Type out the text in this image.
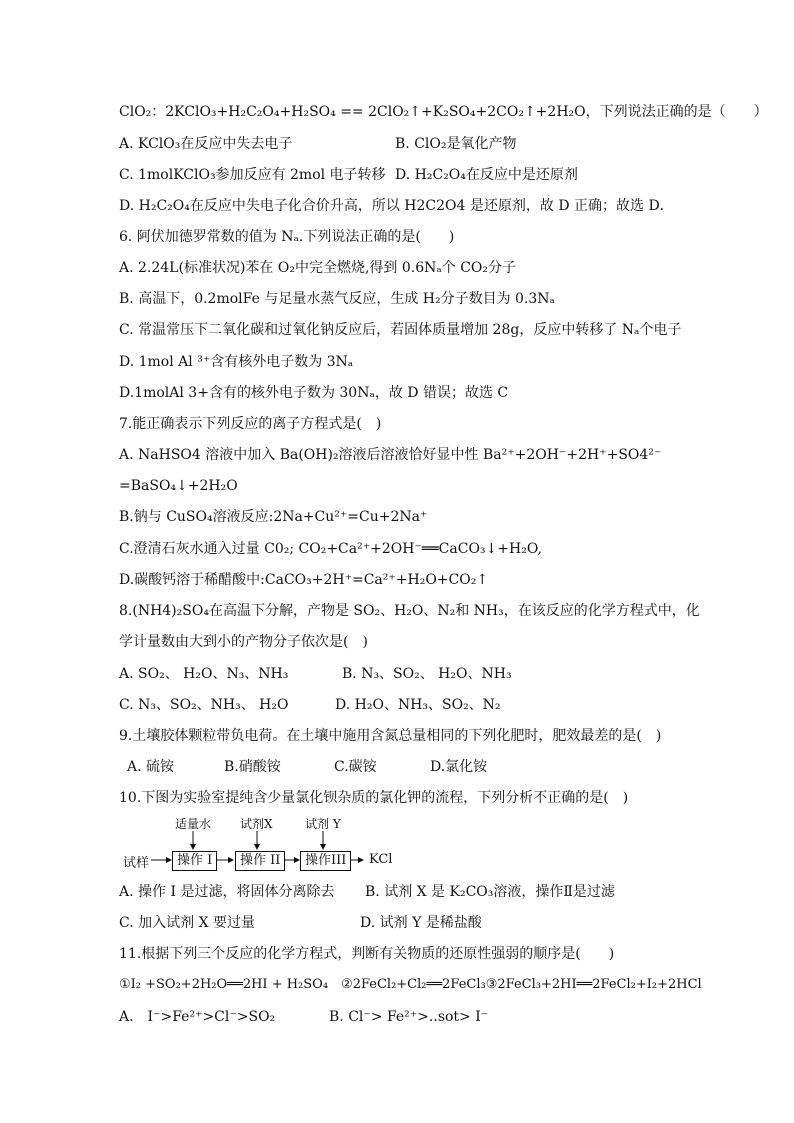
ClO₂：2KClO₃+H₂C₂O₄+H₂SO₄ == 2ClO₂↑+K₂SO₄+2CO₂↑+2H₂O，下列说法正确的是（　　）
A. KClO₃在反应中失去电子	B. ClO₂是氧化产物
C. 1molKClO₃参加反应有 2mol 电子转移 D. H₂C₂O₄在反应中是还原剂
D. H₂C₂O₄在反应中失电子化合价升高，所以 H2C2O4 是还原剂，故 D 正确；故选 D．
6. 阿伏加德罗常数的值为 Nₐ.下列说法正确的是(　　)
A. 2.24L(标准状况)苯在 O₂中完全燃烧,得到 0.6Nₐ个 CO₂分子
B. 高温下，0.2molFe 与足量水蒸气反应，生成 H₂分子数目为 0.3Nₐ
C. 常温常压下二氧化碳和过氧化钠反应后，若固体质量增加 28g，反应中转移了 Nₐ个电子
D. 1mol Al ³⁺含有核外电子数为 3Nₐ
D.1molAl 3+含有的核外电子数为 30Nₐ，故 D 错误；故选 C
7.能正确表示下列反应的离子方程式是(　)
A. NaHSO4 溶液中加入 Ba(OH)₂溶液后溶液恰好显中性 Ba²⁺+2OH⁻+2H⁺+SO4²⁻
=BaSO₄↓+2H₂O
B.钠与 CuSO₄溶液反应:2Na+Cu²⁺=Cu+2Na⁺
C.澄清石灰水通入过量 C0₂; CO₂+Ca²⁺+2OH⁻══CaCO₃↓+H₂O,
D.碳酸钙溶于稀醋酸中:CaCO₃+2H⁺=Ca²⁺+H₂O+CO₂↑
8.(NH4)₂SO₄在高温下分解，产物是 SO₂、H₂O、N₂和 NH₃，在该反应的化学方程式中，化
学计量数由大到小的产物分子依次是(　)
A. SO₂、 H₂O、N₃、NH₃	B. N₃、SO₂、 H₂O、NH₃
C. N₃、SO₂、NH₃、 H₂O	D. H₂O、NH₃、SO₂、N₂
9.土壤胶体颗粒带负电荷。在土壤中施用含氮总量相同的下列化肥时，肥效最差的是(　)
A. 硫铵	B.硝酸铵	C.碳铵	D.氯化铵
10.下图为实验室提纯含少量氯化钡杂质的氯化钾的流程，下列分析不正确的是(　)
试样
适量水 试剂X	试剂 Y
操作 I	操作 II	操作III	KCl
A. 操作 I 是过滤，将固体分离除去 B. 试剂 X 是 K₂CO₃溶液，操作Ⅱ是过滤
C. 加入试剂 X 要过量	D. 试剂 Y 是稀盐酸
11.根据下列三个反应的化学方程式，判断有关物质的还原性强弱的顺序是(　　)
①I₂ +SO₂+2H₂O══2HI + H₂SO₄　②2FeCl₂+Cl₂══2FeCl₃③2FeCl₃+2HI══2FeCl₂+I₂+2HCl
A.　I⁻>Fe²⁺>Cl⁻>SO₂	B. Cl⁻> Fe²⁺>..sot> I⁻
